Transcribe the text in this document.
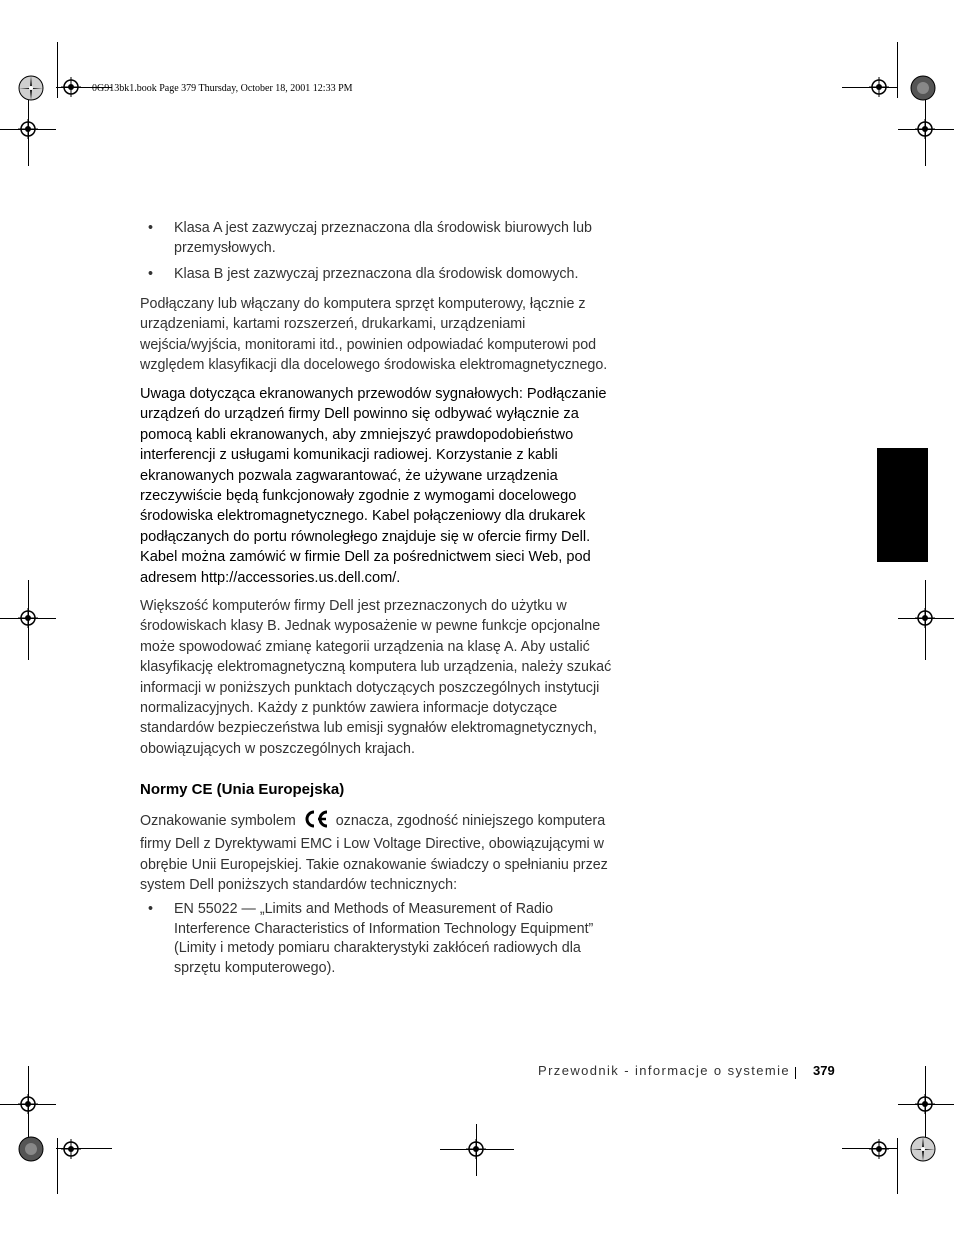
0G913bk1.book Page 379 Thursday, October 18, 2001 12:33 PM
• Klasa A jest zazwyczaj przeznaczona dla środowisk biurowych lub przemysłowych.
• Klasa B jest zazwyczaj przeznaczona dla środowisk domowych.

Podłączany lub włączany do komputera sprzęt komputerowy, łącznie z urządzeniami, kartami rozszerzeń, drukarkami, urządzeniami wejścia/wyjścia, monitorami itd., powinien odpowiadać komputerowi pod względem klasyfikacji dla docelowego środowiska elektromagnetycznego.

Uwaga dotycząca ekranowanych przewodów sygnałowych: Podłączanie urządzeń do urządzeń firmy Dell powinno się odbywać wyłącznie za pomocą kabli ekranowanych, aby zmniejszyć prawdopodobieństwo interferencji z usługami komunikacji radiowej. Korzystanie z kabli ekranowanych pozwala zagwarantować, że używane urządzenia rzeczywiście będą funkcjonowały zgodnie z wymogami docelowego środowiska elektromagnetycznego. Kabel połączeniowy dla drukarek podłączanych do portu równoległego znajduje się w ofercie firmy Dell. Kabel można zamówić w firmie Dell za pośrednictwem sieci Web, pod adresem http://accessories.us.dell.com/.

Większość komputerów firmy Dell jest przeznaczonych do użytku w środowiskach klasy B. Jednak wyposażenie w pewne funkcje opcjonalne może spowodować zmianę kategorii urządzenia na klasę A. Aby ustalić klasyfikację elektromagnetyczną komputera lub urządzenia, należy szukać informacji w poniższych punktach dotyczących poszczególnych instytucji normalizacyjnych. Każdy z punktów zawiera informacje dotyczące standardów bezpieczeństwa lub emisji sygnałów elektromagnetycznych, obowiązujących w poszczególnych krajach.

Normy CE (Unia Europejska)

Oznakowanie symbolem	oznacza, zgodność niniejszego komputera firmy Dell z Dyrektywami EMC i Low Voltage Directive, obowiązującymi w obrębie Unii Europejskiej. Takie oznakowanie świadczy o spełnianiu przez system Dell poniższych standardów technicznych:

• EN 55022 — „Limits and Methods of Measurement of Radio Interference Characteristics of Information Technology Equipment” (Limity i metody pomiaru charakterystyki zakłóceń radiowych dla sprzętu komputerowego).
Przewodnik - informacje o systemie 379
